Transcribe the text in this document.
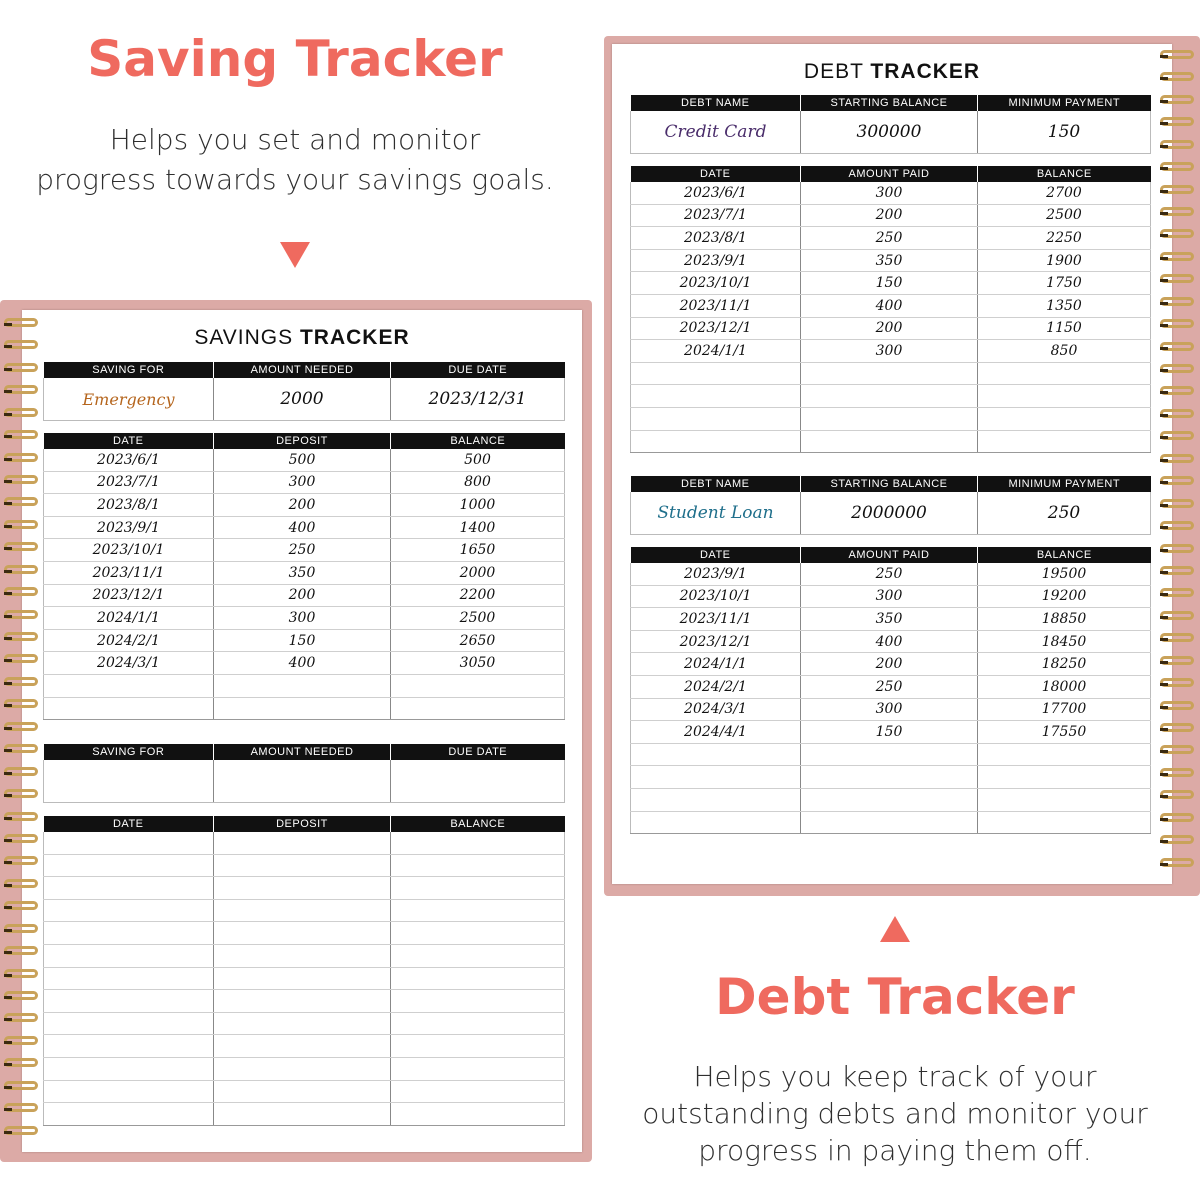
Saving Tracker
Helps you set and monitor
progress towards your savings goals.
SAVINGS TRACKER
SAVING FOR	AMOUNT NEEDED	DUE DATE
Emergency	2000	2023/12/31
DATE	DEPOSIT	BALANCE
2023/6/1	500	500
2023/7/1	300	800
2023/8/1	200	1000
2023/9/1	400	1400
2023/10/1	250	1650
2023/11/1	350	2000
2023/12/1	200	2200
2024/1/1	300	2500
2024/2/1	150	2650
2024/3/1	400	3050

SAVING FOR	AMOUNT NEEDED	DUE DATE

DATE	DEPOSIT	BALANCE

DEBT TRACKER
DEBT NAME	STARTING BALANCE	MINIMUM PAYMENT
Credit Card	300000	150
DATE	AMOUNT PAID	BALANCE
2023/6/1	300	2700
2023/7/1	200	2500
2023/8/1	250	2250
2023/9/1	350	1900
2023/10/1	150	1750
2023/11/1	400	1350
2023/12/1	200	1150
2024/1/1	300	850

DEBT NAME	STARTING BALANCE	MINIMUM PAYMENT
Student Loan	2000000	250
DATE	AMOUNT PAID	BALANCE
2023/9/1	250	19500
2023/10/1	300	19200
2023/11/1	350	18850
2023/12/1	400	18450
2024/1/1	200	18250
2024/2/1	250	18000
2024/3/1	300	17700
2024/4/1	150	17550

Debt Tracker
Helps you keep track of your
outstanding debts and monitor your
progress in paying them off.
